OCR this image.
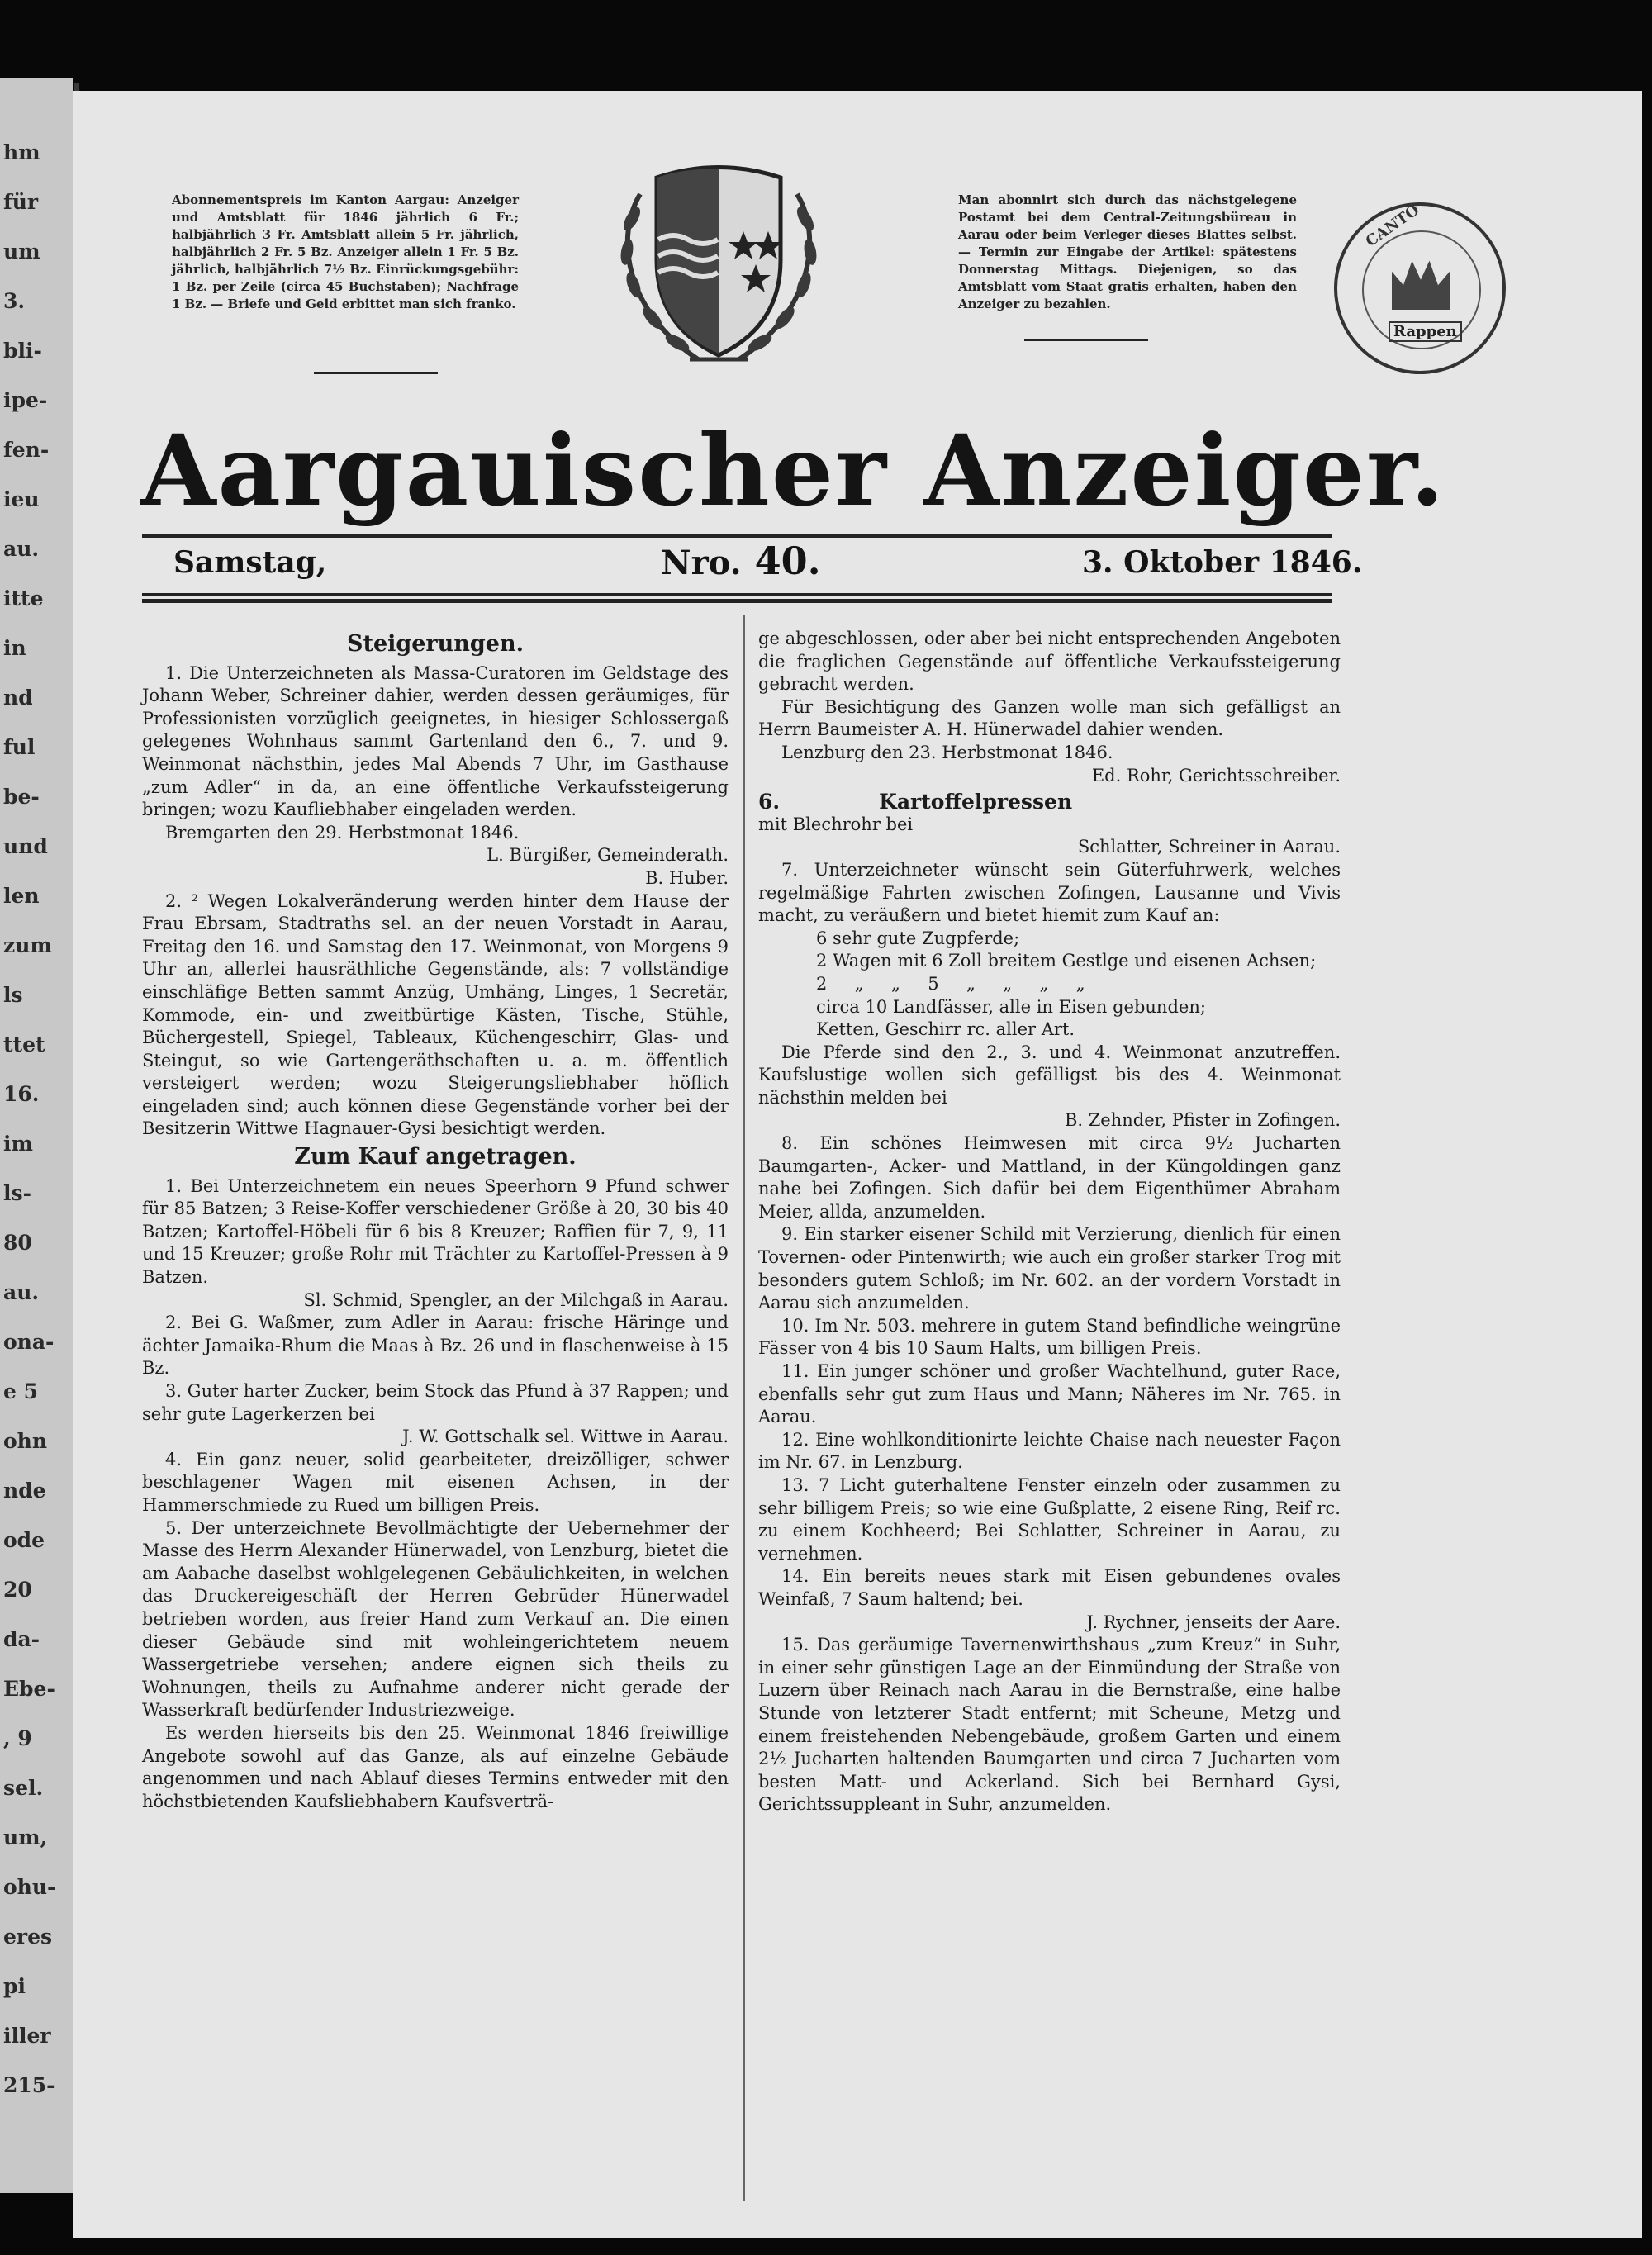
hm
für
um
3.
bli-
ipe-
fen-
ieu
au.
itte
in
nd
ful
be-
und
len
zum
ls
ttet
16.
im
ls-
80
au.
ona-
e 5
ohn
nde
ode
20
da-
Ebe-
, 9
sel.
um,
ohu-
eres
pi
iller
215-
Abonnementspreis im Kanton Aargau: Anzeiger und Amtsblatt für 1846 jährlich 6 Fr.; halbjährlich 3 Fr. Amtsblatt allein 5 Fr. jährlich, halbjährlich 2 Fr. 5 Bz. Anzeiger allein 1 Fr. 5 Bz. jährlich, halbjährlich 7½ Bz. Einrückungsgebühr: 1 Bz. per Zeile (circa 45 Buchstaben); Nachfrage 1 Bz. — Briefe und Geld erbittet man sich franko.
Man abonnirt sich durch das nächstgelegene Postamt bei dem Central-Zeitungsbüreau in Aarau oder beim Verleger dieses Blattes selbst. — Termin zur Eingabe der Artikel: spätestens Donnerstag Mittags. Diejenigen, so das Amtsblatt vom Staat gratis erhalten, haben den Anzeiger zu bezahlen.
Aargauischer Anzeiger.
Samstag,	Nro. 40.	3. Oktober 1846.
CANTO
Rappen

Steigerungen.

1. Die Unterzeichneten als Massa-Curatoren im Geldstage des Johann Weber, Schreiner dahier, werden dessen geräumiges, für Professionisten vorzüglich geeignetes, in hiesiger Schlossergaß gelegenes Wohnhaus sammt Gartenland den 6., 7. und 9. Weinmonat nächsthin, jedes Mal Abends 7 Uhr, im Gasthause „zum Adler“ in da, an eine öffentliche Verkaufssteigerung bringen; wozu Kaufliebhaber eingeladen werden.

Bremgarten den 29. Herbstmonat 1846.

L. Bürgißer, Gemeinderath.

B. Huber.

2. ² Wegen Lokalveränderung werden hinter dem Hause der Frau Ebrsam, Stadtraths sel. an der neuen Vorstadt in Aarau, Freitag den 16. und Samstag den 17. Weinmonat, von Morgens 9 Uhr an, allerlei hausräthliche Gegenstände, als: 7 vollständige einschläfige Betten sammt Anzüg, Umhäng, Linges, 1 Secretär, Kommode, ein- und zweitbürtige Kästen, Tische, Stühle, Büchergestell, Spiegel, Tableaux, Küchengeschirr, Glas- und Steingut, so wie Gartengeräthschaften u. a. m. öffentlich versteigert werden; wozu Steigerungsliebhaber höflich eingeladen sind; auch können diese Gegenstände vorher bei der Besitzerin Wittwe Hagnauer-Gysi besichtigt werden.

Zum Kauf angetragen.

1. Bei Unterzeichnetem ein neues Speerhorn 9 Pfund schwer für 85 Batzen; 3 Reise-Koffer verschiedener Größe à 20, 30 bis 40 Batzen; Kartoffel-Höbeli für 6 bis 8 Kreuzer; Raffien für 7, 9, 11 und 15 Kreuzer; große Rohr mit Trächter zu Kartoffel-Pressen à 9 Batzen.

Sl. Schmid, Spengler, an der Milchgaß in Aarau.

2. Bei G. Waßmer, zum Adler in Aarau: frische Häringe und ächter Jamaika-Rhum die Maas à Bz. 26 und in flaschenweise à 15 Bz.

3. Guter harter Zucker, beim Stock das Pfund à 37 Rappen; und sehr gute Lagerkerzen bei

J. W. Gottschalk sel. Wittwe in Aarau.

4. Ein ganz neuer, solid gearbeiteter, dreizölliger, schwer beschlagener Wagen mit eisenen Achsen, in der Hammerschmiede zu Rued um billigen Preis.

5. Der unterzeichnete Bevollmächtigte der Uebernehmer der Masse des Herrn Alexander Hünerwadel, von Lenzburg, bietet die am Aabache daselbst wohlgelegenen Gebäulichkeiten, in welchen das Druckereigeschäft der Herren Gebrüder Hünerwadel betrieben worden, aus freier Hand zum Verkauf an. Die einen dieser Gebäude sind mit wohleingerichtetem neuem Wassergetriebe versehen; andere eignen sich theils zu Wohnungen, theils zu Aufnahme anderer nicht gerade der Wasserkraft bedürfender Industriezweige.

Es werden hierseits bis den 25. Weinmonat 1846 freiwillige Angebote sowohl auf das Ganze, als auf einzelne Gebäude angenommen und nach Ablauf dieses Termins entweder mit den höchstbietenden Kaufsliebhabern Kaufsverträ-

ge abgeschlossen, oder aber bei nicht entsprechenden Angeboten die fraglichen Gegenstände auf öffentliche Verkaufssteigerung gebracht werden.

Für Besichtigung des Ganzen wolle man sich gefälligst an Herrn Baumeister A. H. Hünerwadel dahier wenden.

Lenzburg den 23. Herbstmonat 1846.

Ed. Rohr, Gerichtsschreiber.

6.	Kartoffelpressen

mit Blechrohr bei

Schlatter, Schreiner in Aarau.

7. Unterzeichneter wünscht sein Güterfuhrwerk, welches regelmäßige Fahrten zwischen Zofingen, Lausanne und Vivis macht, zu veräußern und bietet hiemit zum Kauf an:

6 sehr gute Zugpferde;

2 Wagen mit 6 Zoll breitem Gestlge und eisenen Achsen;

2     „     „     5     „     „     „     „

circa 10 Landfässer, alle in Eisen gebunden;

Ketten, Geschirr rc. aller Art.

Die Pferde sind den 2., 3. und 4. Weinmonat anzutreffen. Kaufslustige wollen sich gefälligst bis des 4. Weinmonat nächsthin melden bei

B. Zehnder, Pfister in Zofingen.

8. Ein schönes Heimwesen mit circa 9½ Jucharten Baumgarten-, Acker- und Mattland, in der Küngoldingen ganz nahe bei Zofingen. Sich dafür bei dem Eigenthümer Abraham Meier, allda, anzumelden.

9. Ein starker eisener Schild mit Verzierung, dienlich für einen Tovernen- oder Pintenwirth; wie auch ein großer starker Trog mit besonders gutem Schloß; im Nr. 602. an der vordern Vorstadt in Aarau sich anzumelden.

10. Im Nr. 503. mehrere in gutem Stand befindliche weingrüne Fässer von 4 bis 10 Saum Halts, um billigen Preis.

11. Ein junger schöner und großer Wachtelhund, guter Race, ebenfalls sehr gut zum Haus und Mann; Näheres im Nr. 765. in Aarau.

12. Eine wohlkonditionirte leichte Chaise nach neuester Façon im Nr. 67. in Lenzburg.

13. 7 Licht guterhaltene Fenster einzeln oder zusammen zu sehr billigem Preis; so wie eine Gußplatte, 2 eisene Ring, Reif rc. zu einem Kochheerd; Bei Schlatter, Schreiner in Aarau, zu vernehmen.

14. Ein bereits neues stark mit Eisen gebundenes ovales Weinfaß, 7 Saum haltend; bei.

J. Rychner, jenseits der Aare.

15. Das geräumige Tavernenwirthshaus „zum Kreuz“ in Suhr, in einer sehr günstigen Lage an der Einmündung der Straße von Luzern über Reinach nach Aarau in die Bernstraße, eine halbe Stunde von letzterer Stadt entfernt; mit Scheune, Metzg und einem freistehenden Nebengebäude, großem Garten und einem 2½ Jucharten haltenden Baumgarten und circa 7 Jucharten vom besten Matt- und Ackerland. Sich bei Bernhard Gysi, Gerichtssuppleant in Suhr, anzumelden.
